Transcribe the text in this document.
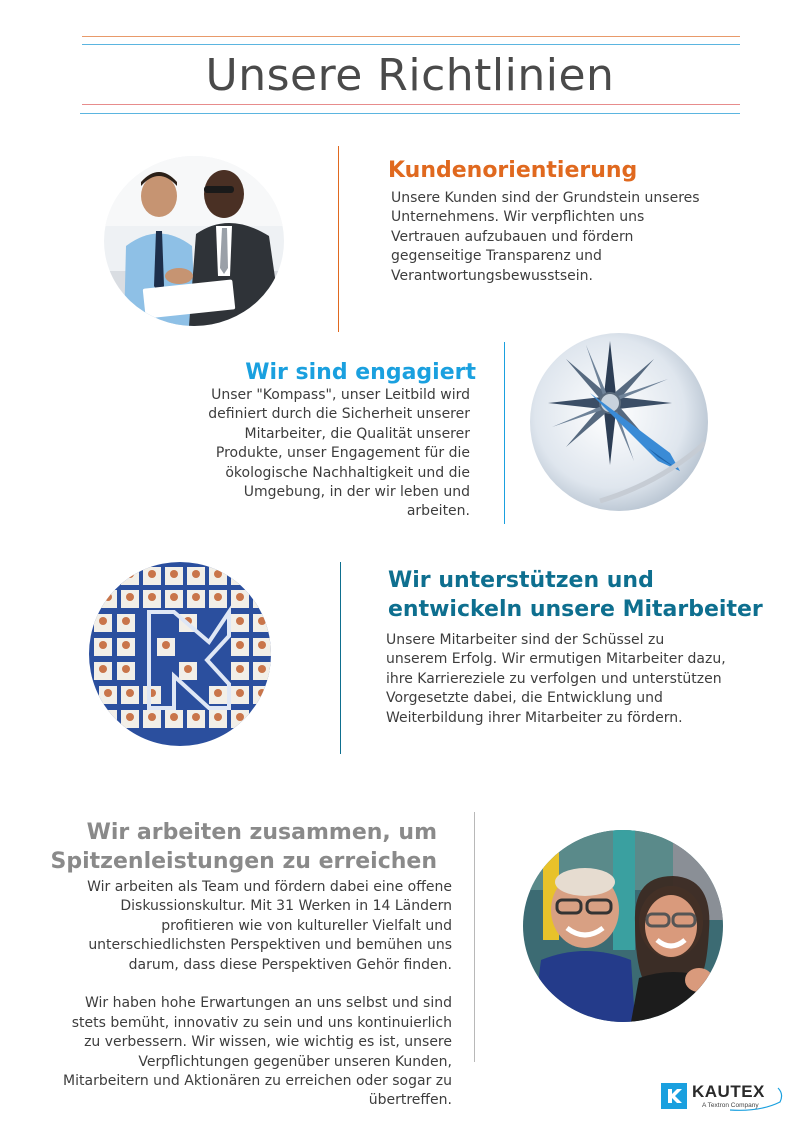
Unsere Richtlinien
Kundenorientierung

Unsere Kunden sind der Grundstein unseres
Unternehmens. Wir verpflichten uns
Vertrauen aufzubauen und fördern
gegenseitige Transparenz und
Verantwortungsbewusstsein.

Wir sind engagiert

Unser "Kompass", unser Leitbild wird
definiert durch die Sicherheit unserer
Mitarbeiter, die Qualität unserer
Produkte, unser Engagement für die
ökologische Nachhaltigkeit und die
Umgebung, in der wir leben und
arbeiten.

Wir unterstützen und
entwickeln unsere Mitarbeiter

Unsere Mitarbeiter sind der Schüssel zu
unserem Erfolg. Wir ermutigen Mitarbeiter dazu,
ihre Karriereziele zu verfolgen und unterstützen
Vorgesetzte dabei, die Entwicklung und
Weiterbildung ihrer Mitarbeiter zu fördern.

Wir arbeiten zusammen, um
Spitzenleistungen zu erreichen

Wir arbeiten als Team und fördern dabei eine offene
Diskussionskultur. Mit 31 Werken in 14 Ländern
profitieren wie von kultureller Vielfalt und
unterschiedlichsten Perspektiven und bemühen uns
darum, dass diese Perspektiven Gehör finden.

Wir haben hohe Erwartungen an uns selbst und sind
stets bemüht, innovativ zu sein und uns kontinuierlich
zu verbessern. Wir wissen, wie wichtig es ist, unsere
Verpflichtungen gegenüber unseren Kunden,
Mitarbeitern und Aktionären zu erreichen oder sogar zu
übertreffen.	KAUTEX
A Textron Company
